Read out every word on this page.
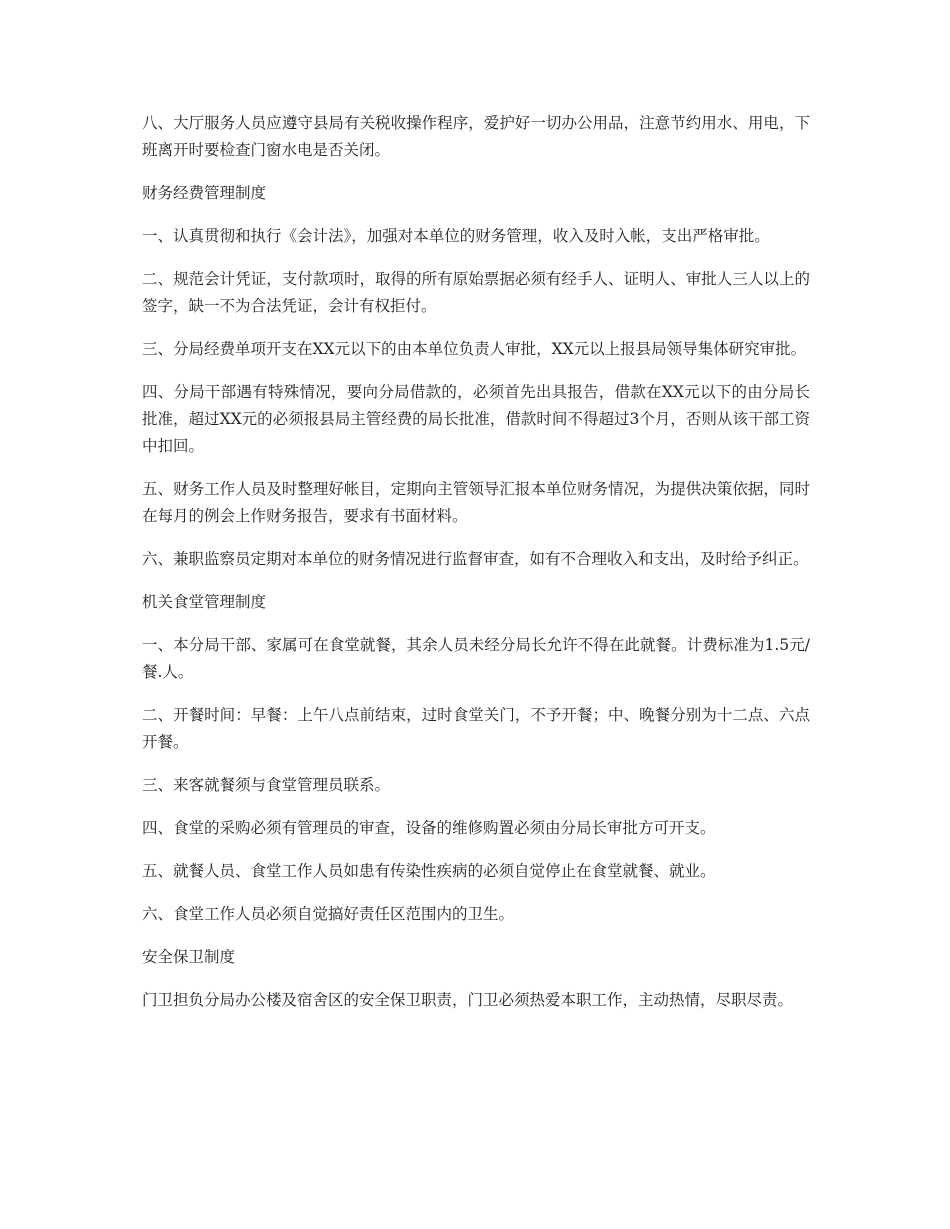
八、大厅服务人员应遵守县局有关税收操作程序，爱护好一切办公用品，注意节约用水、用电，下班离开时要检查门窗水电是否关闭。

财务经费管理制度

一、认真贯彻和执行《会计法》，加强对本单位的财务管理，收入及时入帐，支出严格审批。

二、规范会计凭证，支付款项时，取得的所有原始票据必须有经手人、证明人、审批人三人以上的签字，缺一不为合法凭证，会计有权拒付。

三、分局经费单项开支在XX元以下的由本单位负责人审批，XX元以上报县局领导集体研究审批。

四、分局干部遇有特殊情况，要向分局借款的，必须首先出具报告，借款在XX元以下的由分局长批准，超过XX元的必须报县局主管经费的局长批准，借款时间不得超过3个月，否则从该干部工资中扣回。

五、财务工作人员及时整理好帐目，定期向主管领导汇报本单位财务情况，为提供决策依据，同时在每月的例会上作财务报告，要求有书面材料。

六、兼职监察员定期对本单位的财务情况进行监督审查，如有不合理收入和支出，及时给予纠正。

机关食堂管理制度

一、本分局干部、家属可在食堂就餐，其余人员未经分局长允许不得在此就餐。计费标准为1.5元/餐.人。

二、开餐时间：早餐：上午八点前结束，过时食堂关门，不予开餐；中、晚餐分别为十二点、六点开餐。

三、来客就餐须与食堂管理员联系。

四、食堂的采购必须有管理员的审查，设备的维修购置必须由分局长审批方可开支。

五、就餐人员、食堂工作人员如患有传染性疾病的必须自觉停止在食堂就餐、就业。

六、食堂工作人员必须自觉搞好责任区范围内的卫生。

安全保卫制度

门卫担负分局办公楼及宿舍区的安全保卫职责，门卫必须热爱本职工作，主动热情，尽职尽责。
